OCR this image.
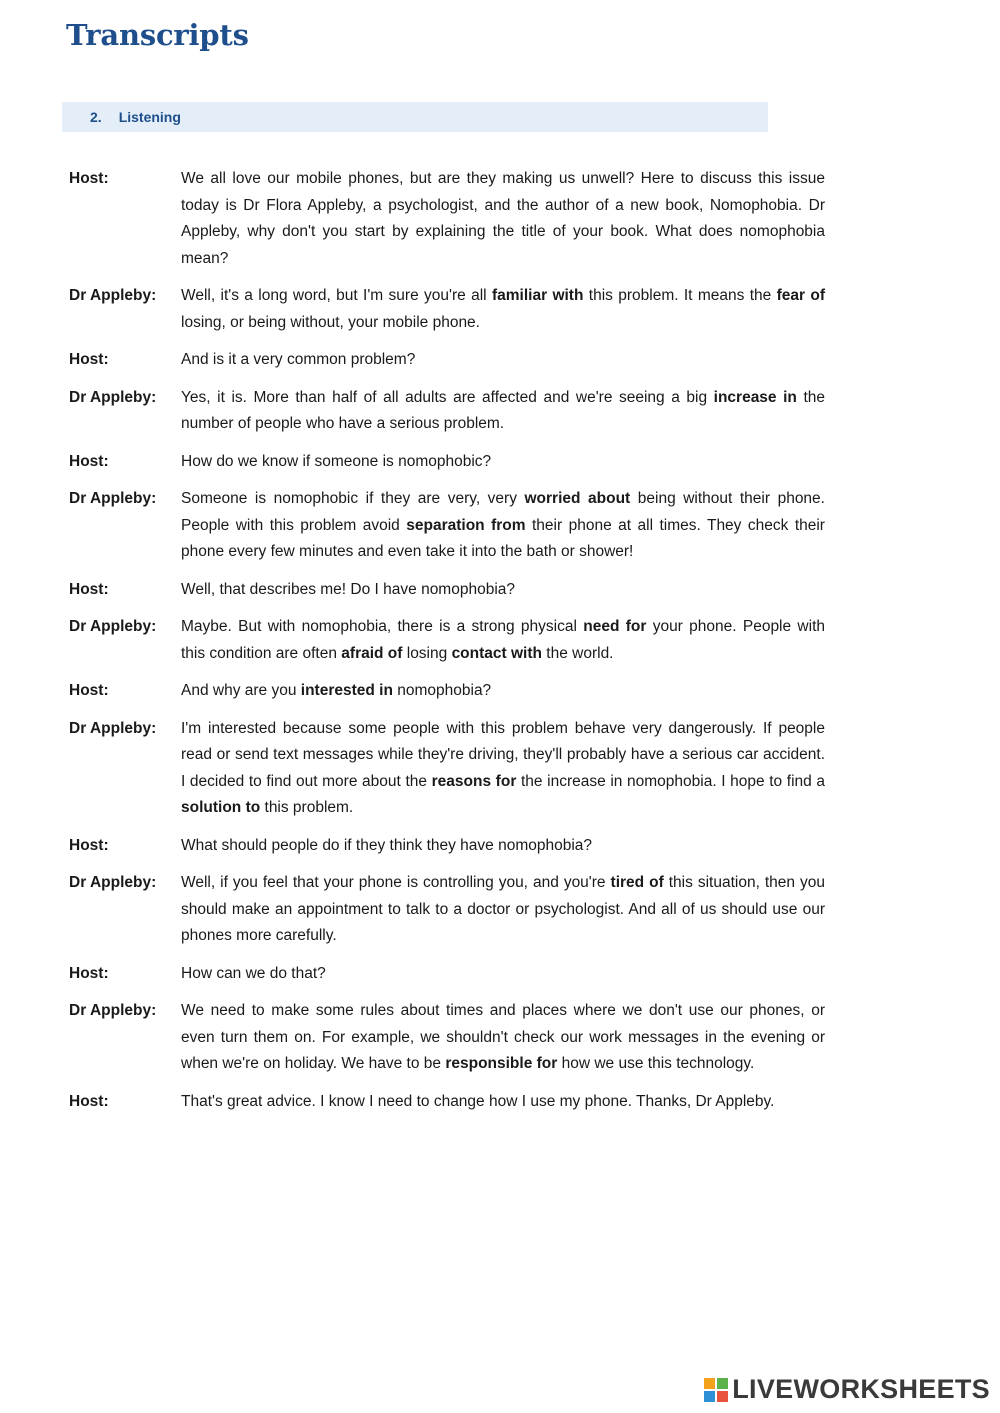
Transcripts
2. Listening
Host:	We all love our mobile phones, but are they making us unwell? Here to discuss this issue today is Dr Flora Appleby, a psychologist, and the author of a new book, Nomophobia. Dr Appleby, why don't you start by explaining the title of your book. What does nomophobia mean?
Dr Appleby:	Well, it's a long word, but I'm sure you're all familiar with this problem. It means the fear of losing, or being without, your mobile phone.
Host:	And is it a very common problem?
Dr Appleby:	Yes, it is. More than half of all adults are affected and we're seeing a big increase in the number of people who have a serious problem.
Host:	How do we know if someone is nomophobic?
Dr Appleby:	Someone is nomophobic if they are very, very worried about being without their phone. People with this problem avoid separation from their phone at all times. They check their phone every few minutes and even take it into the bath or shower!
Host:	Well, that describes me! Do I have nomophobia?
Dr Appleby:	Maybe. But with nomophobia, there is a strong physical need for your phone. People with this condition are often afraid of losing contact with the world.
Host:	And why are you interested in nomophobia?
Dr Appleby:	I'm interested because some people with this problem behave very dangerously. If people read or send text messages while they're driving, they'll probably have a serious car accident. I decided to find out more about the reasons for the increase in nomophobia. I hope to find a solution to this problem.
Host:	What should people do if they think they have nomophobia?
Dr Appleby:	Well, if you feel that your phone is controlling you, and you're tired of this situation, then you should make an appointment to talk to a doctor or psychologist. And all of us should use our phones more carefully.
Host:	How can we do that?
Dr Appleby:	We need to make some rules about times and places where we don't use our phones, or even turn them on. For example, we shouldn't check our work messages in the evening or when we're on holiday. We have to be responsible for how we use this technology.
Host:	That's great advice. I know I need to change how I use my phone. Thanks, Dr Appleby.
LIVEWORKSHEETS
